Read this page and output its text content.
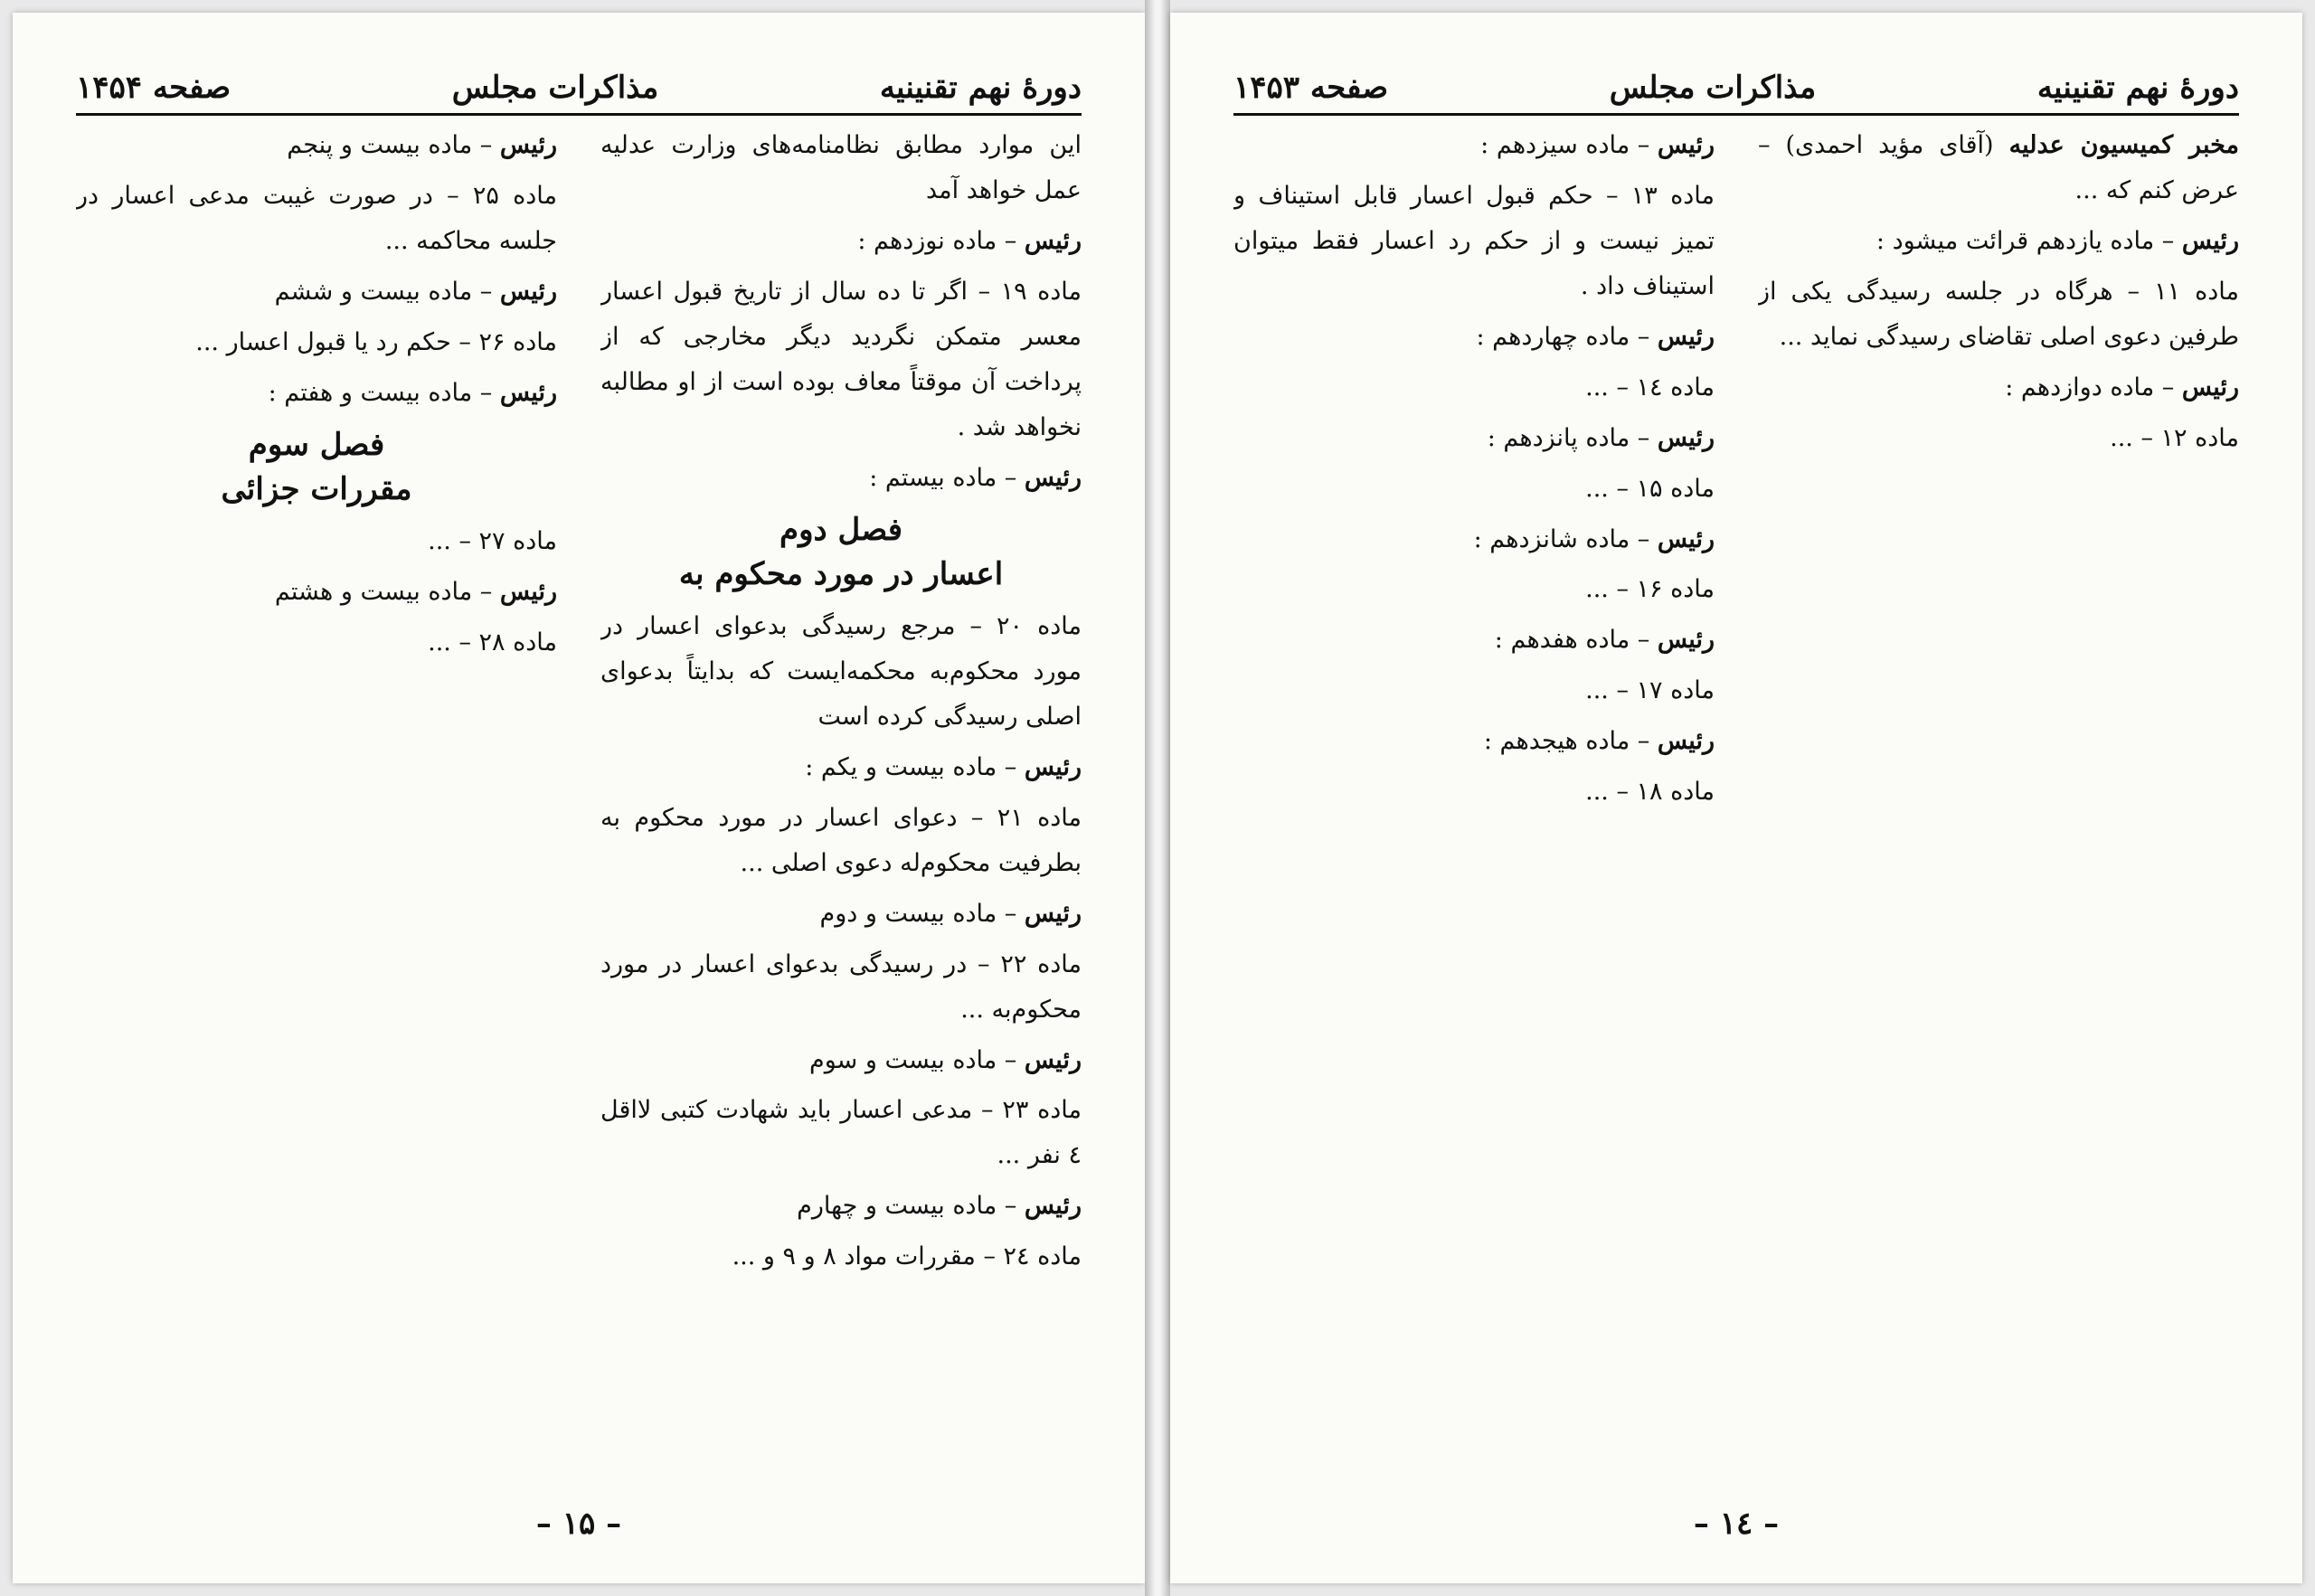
دورهٔ نهم تقنینیه
مذاکرات مجلس
صفحه ۱۴۵۴

این موارد مطابق نظامنامه‌های وزارت عدلیه عمل خواهد آمد

رئیس – ماده نوزدهم :

ماده ۱۹ – اگر تا ده سال از تاریخ قبول اعسار معسر متمکن نگردید دیگر مخارجی که از پرداخت آن موقتاً معاف بوده است از او مطالبه نخواهد شد .

رئیس – ماده بیستم :

فصل دوم
اعسار در مورد محکوم به

ماده ۲۰ – مرجع رسیدگی بدعوای اعسار در مورد محکوم‌به محکمه‌ایست که بدایتاً بدعوای اصلی رسیدگی کرده است

رئیس – ماده بیست و یکم :

ماده ۲۱ – دعوای اعسار در مورد محکوم به بطرفیت محکوم‌له دعوی اصلی ...

رئیس – ماده بیست و دوم

ماده ۲۲ – در رسیدگی بدعوای اعسار در مورد محکوم‌به ...

رئیس – ماده بیست و سوم

ماده ۲۳ – مدعی اعسار باید شهادت کتبی لااقل ٤ نفر ...

رئیس – ماده بیست و چهارم

ماده ۲٤ – مقررات مواد ۸ و ۹ و ...

رئیس – ماده بیست و پنجم

ماده ۲۵ – در صورت غیبت مدعی اعسار در جلسه محاکمه ...

رئیس – ماده بیست و ششم

ماده ۲۶ – حکم رد یا قبول اعسار ...

رئیس – ماده بیست و هفتم :

فصل سوم
مقررات جزائی

ماده ۲۷ – ...

رئیس – ماده بیست و هشتم

ماده ۲۸ – ...

– ۱۵ –
دورهٔ نهم تقنینیه
مذاکرات مجلس
صفحه ۱۴۵۳

مخبر کمیسیون عدلیه (آقای مؤید احمدی) – عرض کنم که ...

رئیس – ماده یازدهم قرائت میشود :

ماده ۱۱ – هرگاه در جلسه رسیدگی یکی از طرفین دعوی اصلی تقاضای رسیدگی نماید ...

رئیس – ماده دوازدهم :

ماده ۱۲ – ...

رئیس – ماده سیزدهم :

ماده ۱۳ – حکم قبول اعسار قابل استیناف و تمیز نیست و از حکم رد اعسار فقط میتوان استیناف داد .

رئیس – ماده چهاردهم :

ماده ۱٤ – ...

رئیس – ماده پانزدهم :

ماده ۱۵ – ...

رئیس – ماده شانزدهم :

ماده ۱۶ – ...

رئیس – ماده هفدهم :

ماده ۱۷ – ...

رئیس – ماده هیجدهم :

ماده ۱۸ – ...

– ۱٤ –
